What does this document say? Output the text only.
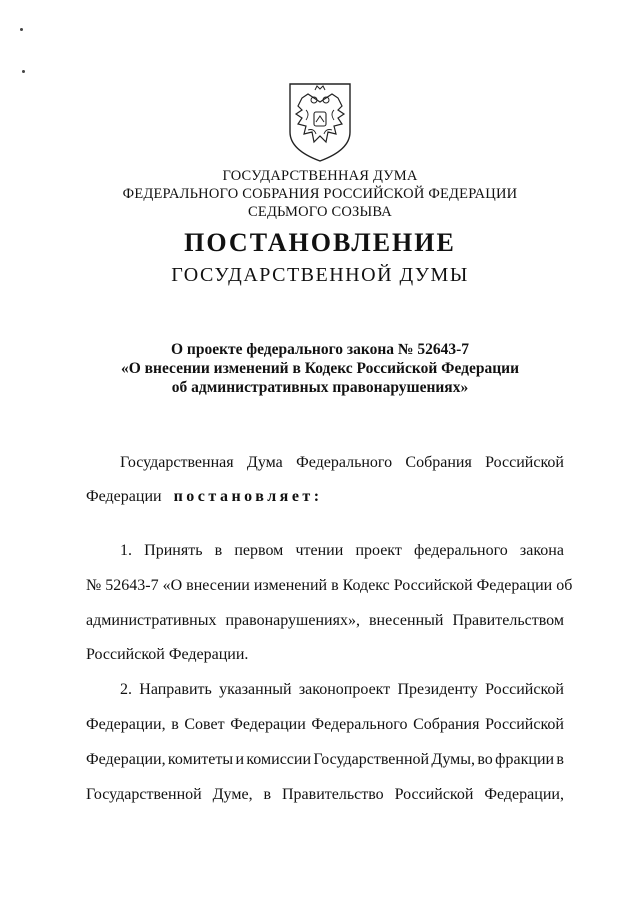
ГОСУДАРСТВЕННАЯ ДУМА
ФЕДЕРАЛЬНОГО СОБРАНИЯ РОССИЙСКОЙ ФЕДЕРАЦИИ
СЕДЬМОГО СОЗЫВА
ПОСТАНОВЛЕНИЕ
ГОСУДАРСТВЕННОЙ ДУМЫ
О проекте федерального закона № 52643-7
«О внесении изменений в Кодекс Российской Федерации
об административных правонарушениях»
Государственная Дума Федерального Собрания Российской
Федерации постановляет:
1. Принять в первом чтении проект федерального закона
№ 52643-7 «О внесении изменений в Кодекс Российской Федерации об
административных правонарушениях», внесенный Правительством
Российской Федерации.
2. Направить указанный законопроект Президенту Российской
Федерации, в Совет Федерации Федерального Собрания Российской
Федерации, комитеты и комиссии Государственной Думы, во фракции в
Государственной Думе, в Правительство Российской Федерации,
